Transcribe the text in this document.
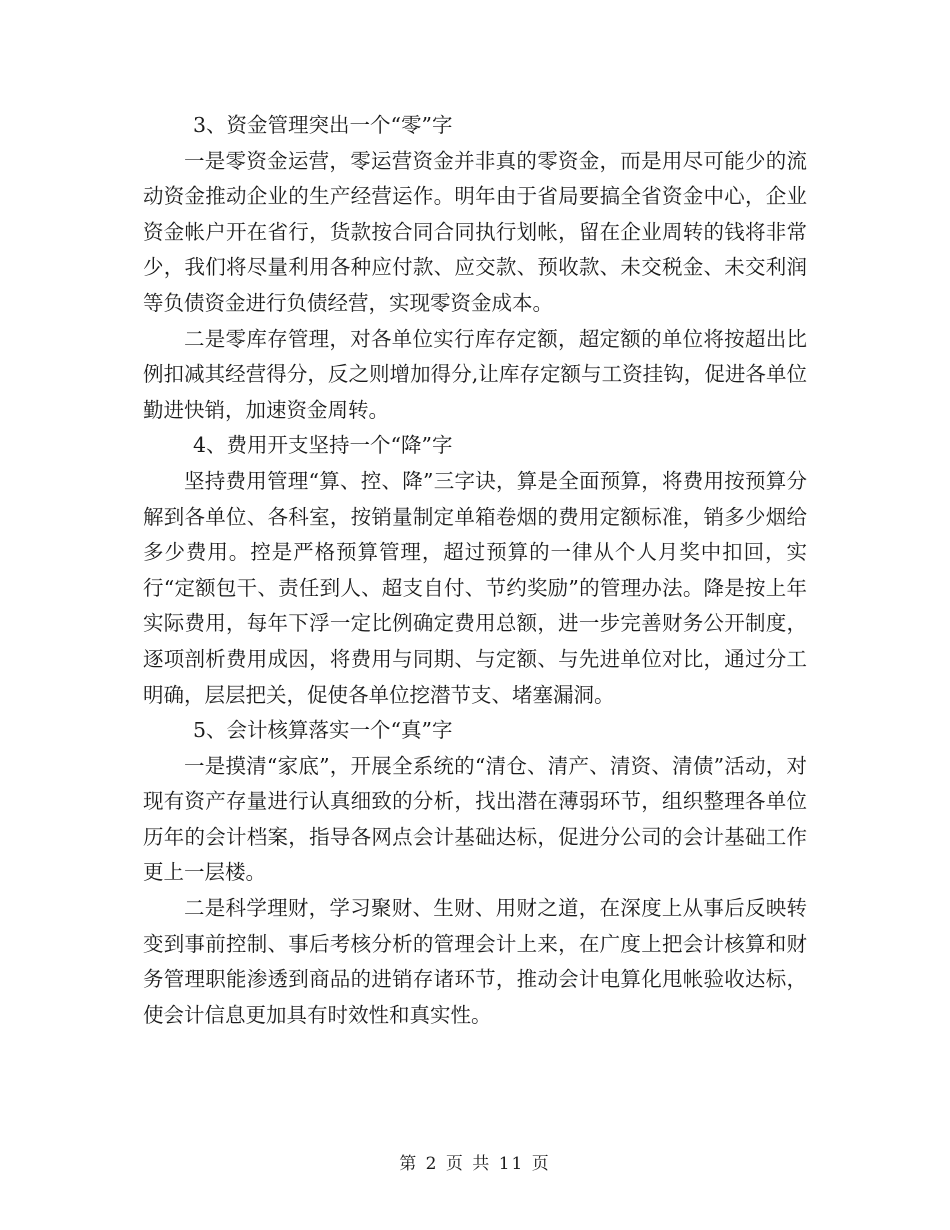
3、资金管理突出一个“零”字

一是零资金运营，零运营资金并非真的零资金，而是用尽可能少的流动资金推动企业的生产经营运作。明年由于省局要搞全省资金中心，企业资金帐户开在省行，货款按合同合同执行划帐，留在企业周转的钱将非常少，我们将尽量利用各种应付款、应交款、预收款、未交税金、未交利润等负债资金进行负债经营，实现零资金成本。

二是零库存管理，对各单位实行库存定额，超定额的单位将按超出比例扣减其经营得分，反之则增加得分,让库存定额与工资挂钩，促进各单位勤进快销，加速资金周转。

4、费用开支坚持一个“降”字

坚持费用管理“算、控、降”三字诀，算是全面预算，将费用按预算分解到各单位、各科室，按销量制定单箱卷烟的费用定额标准，销多少烟给多少费用。控是严格预算管理，超过预算的一律从个人月奖中扣回，实行“定额包干、责任到人、超支自付、节约奖励”的管理办法。降是按上年实际费用，每年下浮一定比例确定费用总额，进一步完善财务公开制度，逐项剖析费用成因，将费用与同期、与定额、与先进单位对比，通过分工明确，层层把关，促使各单位挖潜节支、堵塞漏洞。

5、会计核算落实一个“真”字

一是摸清“家底”，开展全系统的“清仓、清产、清资、清债”活动，对现有资产存量进行认真细致的分析，找出潜在薄弱环节，组织整理各单位历年的会计档案，指导各网点会计基础达标，促进分公司的会计基础工作更上一层楼。

二是科学理财，学习聚财、生财、用财之道，在深度上从事后反映转变到事前控制、事后考核分析的管理会计上来，在广度上把会计核算和财务管理职能渗透到商品的进销存诸环节，推动会计电算化甩帐验收达标，使会计信息更加具有时效性和真实性。

第 2 页 共 11 页
